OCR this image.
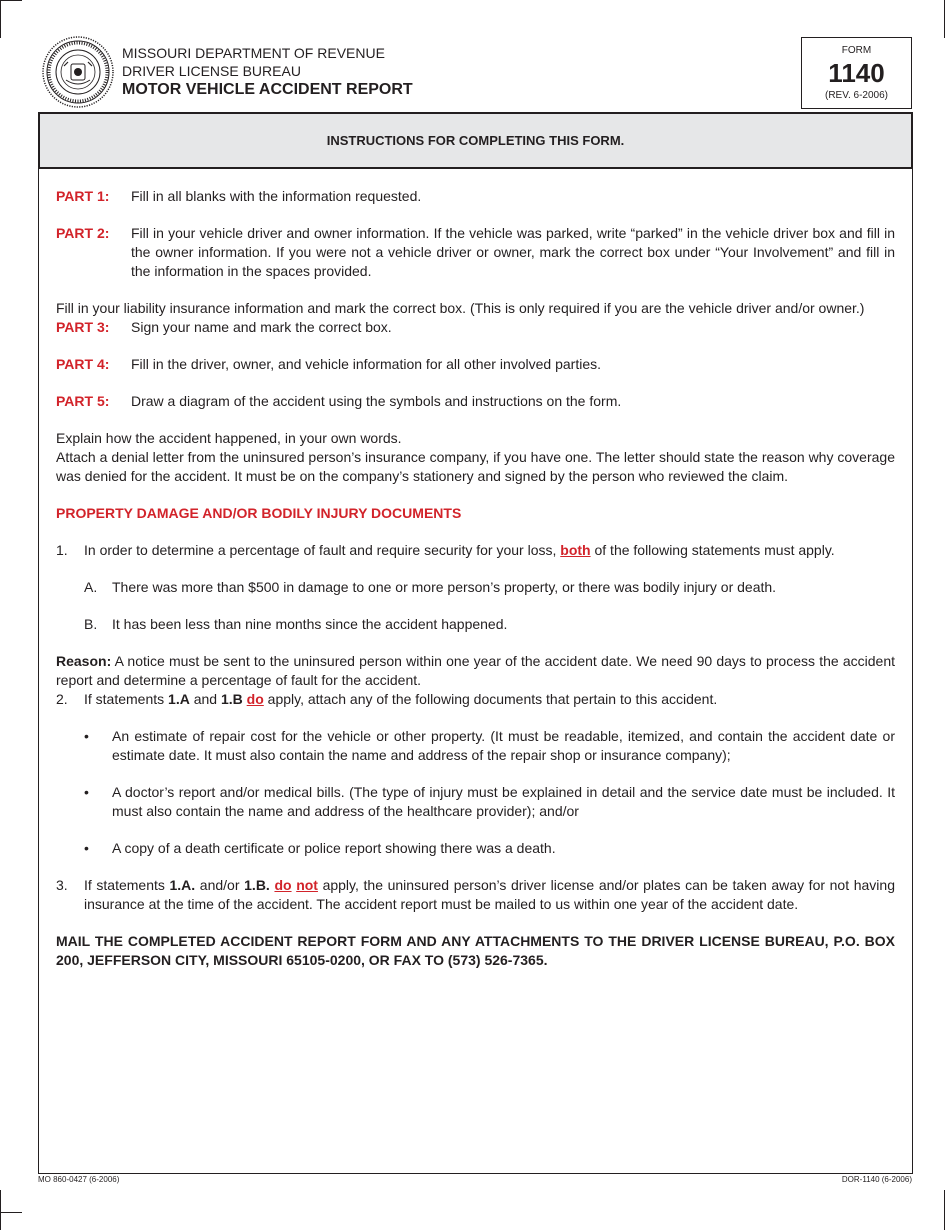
MISSOURI DEPARTMENT OF REVENUE
DRIVER LICENSE BUREAU
MOTOR VEHICLE ACCIDENT REPORT
FORM
1140
(REV. 6-2006)
INSTRUCTIONS FOR COMPLETING THIS FORM.
PART 1:	Fill in all blanks with the information requested.
PART 2:	Fill in your vehicle driver and owner information. If the vehicle was parked, write “parked” in the vehicle driver box and fill in the owner information. If you were not a vehicle driver or owner, mark the correct box under “Your Involvement” and fill in the information in the spaces provided.

Fill in your liability insurance information and mark the correct box. (This is only required if you are the vehicle driver and/or owner.)

PART 3:	Sign your name and mark the correct box.
PART 4:	Fill in the driver, owner, and vehicle information for all other involved parties.
PART 5:	Draw a diagram of the accident using the symbols and instructions on the form.

Explain how the accident happened, in your own words.

Attach a denial letter from the uninsured person’s insurance company, if you have one. The letter should state the reason why coverage was denied for the accident. It must be on the company’s stationery and signed by the person who reviewed the claim.

PROPERTY DAMAGE AND/OR BODILY INJURY DOCUMENTS

1.	In order to determine a percentage of fault and require security for your loss, both of the following statements must apply.
A.	There was more than $500 in damage to one or more person’s property, or there was bodily injury or death.
B.	It has been less than nine months since the accident happened.

Reason: A notice must be sent to the uninsured person within one year of the accident date. We need 90 days to process the accident report and determine a percentage of fault for the accident.

2.	If statements 1.A and 1.B do apply, attach any of the following documents that pertain to this accident.
•	An estimate of repair cost for the vehicle or other property. (It must be readable, itemized, and contain the accident date or estimate date. It must also contain the name and address of the repair shop or insurance company);
•	A doctor’s report and/or medical bills. (The type of injury must be explained in detail and the service date must be included. It must also contain the name and address of the healthcare provider); and/or
•	A copy of a death certificate or police report showing there was a death.
3.	If statements 1.A. and/or 1.B. do not apply, the uninsured person’s driver license and/or plates can be taken away for not having insurance at the time of the accident. The accident report must be mailed to us within one year of the accident date.

MAIL THE COMPLETED ACCIDENT REPORT FORM AND ANY ATTACHMENTS TO THE DRIVER LICENSE BUREAU, P.O. BOX 200, JEFFERSON CITY, MISSOURI 65105-0200, OR FAX TO (573) 526-7365.

MO 860-0427 (6-2006)	DOR-1140 (6-2006)
